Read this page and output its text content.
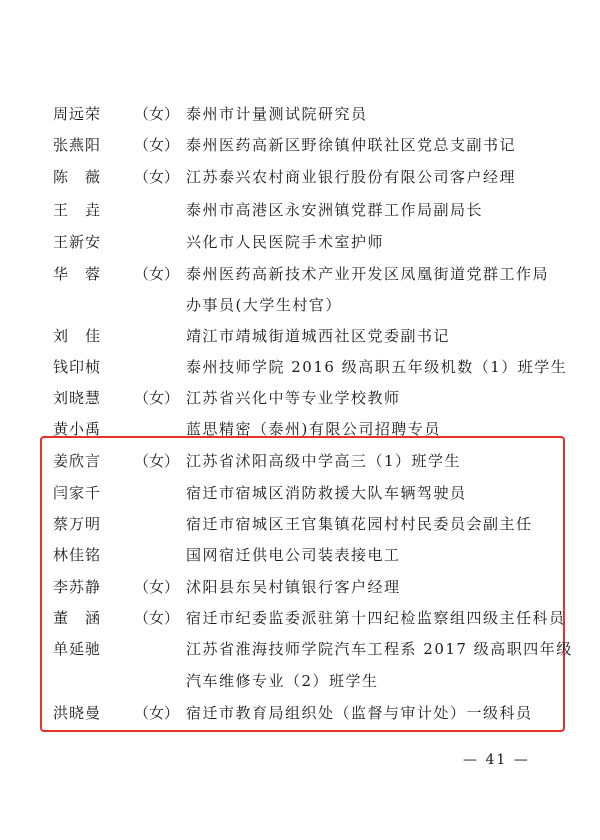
周远荣	（女） 泰州市计量测试院研究员
张燕阳	（女） 泰州医药高新区野徐镇仲联社区党总支副书记
陈　薇	（女） 江苏泰兴农村商业银行股份有限公司客户经理
王　垚	泰州市高港区永安洲镇党群工作局副局长
王新安	兴化市人民医院手术室护师
华　蓉	（女） 泰州医药高新技术产业开发区凤凰街道党群工作局
办事员(大学生村官）
刘　佳	靖江市靖城街道城西社区党委副书记
钱印桢	泰州技师学院 2016 级高职五年级机数（1）班学生
刘晓慧	（女） 江苏省兴化中等专业学校教师
黄小禹	蓝思精密（泰州)有限公司招聘专员
姜欣言	（女） 江苏省沭阳高级中学高三（1）班学生
闫家千	宿迁市宿城区消防救援大队车辆驾驶员
蔡万明	宿迁市宿城区王官集镇花园村村民委员会副主任
林佳铭	国网宿迁供电公司装表接电工
李苏静	（女） 沭阳县东吴村镇银行客户经理
董　涵	（女） 宿迁市纪委监委派驻第十四纪检监察组四级主任科员
单延驰	江苏省淮海技师学院汽车工程系 2017 级高职四年级
汽车维修专业（2）班学生
洪晓曼	（女） 宿迁市教育局组织处（监督与审计处）一级科员
— 41 —
